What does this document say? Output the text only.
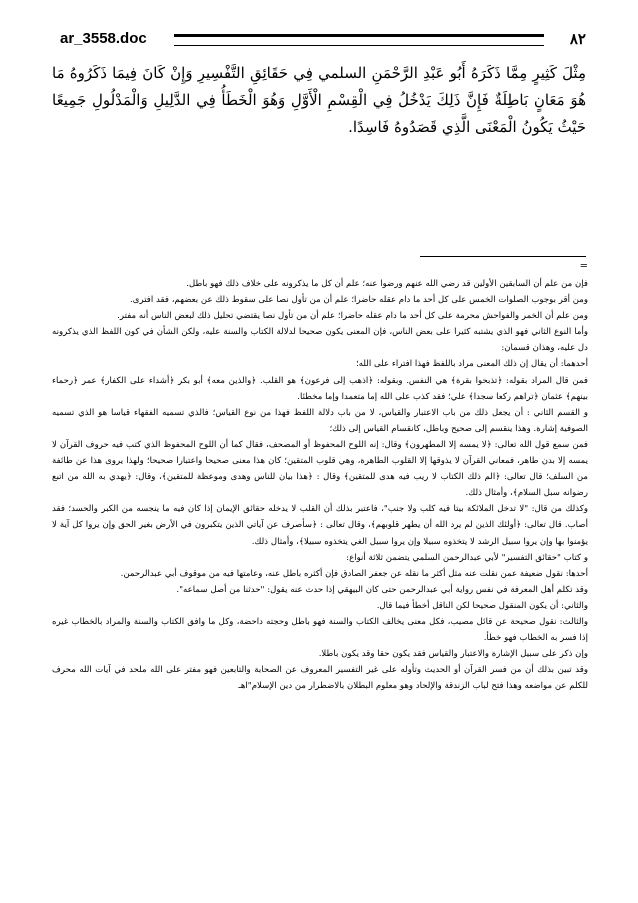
ar_3558.doc	٨٢

مِثْلَ كَثِيرٍ مِمَّا ذَكَرَهُ أَبُو عَبْدِ الرَّحْمَنِ السلمي فِي حَقَائِقِ التَّفْسِيرِ وَإِنْ كَانَ فِيمَا ذَكَرُوهُ مَا هُوَ مَعَانٍ بَاطِلَةٌ فَإِنَّ ذَلِكَ يَدْخُلُ فِي الْقِسْمِ الْأَوَّلِ وَهُوَ الْخَطَأُ فِي الدَّلِيلِ وَالْمَدْلُولِ جَمِيعًا حَيْثُ يَكُونُ الْمَعْنَى الَّذِي قَصَدُوهُ فَاسِدًا.

=

فإن من علم أن السابقين الأولين قد رضي الله عنهم ورضوا عنه؛ علم أن كل ما يذكرونه على خلاف ذلك فهو باطل.

ومن أقر بوجوب الصلوات الخمس على كل أحد ما دام عقله حاضرا؛ علم أن من تأول نصا على سقوط ذلك عن بعضهم، فقد افترى.

ومن علم أن الخمر والفواحش محرمة على كل أحد ما دام عقله حاضرا؛ علم أن من تأول نصا يقتضي تحليل ذلك لبعض الناس أنه مفتر.

وأما النوع الثاني فهو الذي يشتبه كثيرا على بعض الناس، فإن المعنى يكون صحيحا لدلالة الكتاب والسنة عليه، ولكن الشأن في كون اللفظ الذي يذكرونه دل عليه، وهذان قسمان:

أحدهما: أن يقال إن ذلك المعنى مراد باللفظ فهذا افتراء على الله؛

فمن قال المراد بقوله: ﴿تذبحوا بقرة﴾ هي النفس. وبقوله: ﴿اذهب إلى فرعون﴾ هو القلب. ﴿والذين معه﴾ أبو بكر ﴿أشداء على الكفار﴾ عمر ﴿رحماء بينهم﴾ عثمان ﴿تراهم ركعا سجدا﴾ علي؛ فقد كذب على الله إما متعمدا وإما مخطئا.

و القسم الثاني : أن يجعل ذلك من باب الاعتبار والقياس، لا من باب دلالة اللفظ فهذا من نوع القياس؛ فالذي تسميه الفقهاء قياسا هو الذي تسميه الصوفية إشارة. وهذا ينقسم إلى صحيح وباطل، كانقسام القياس إلى ذلك؛

فمن سمع قول الله تعالى: ﴿لا يمسه إلا المطهرون﴾ وقال: إنه اللوح المحفوظ أو المصحف، فقال كما أن اللوح المحفوظ الذي كتب فيه حروف القرآن لا يمسه إلا بدن طاهر، فمعاني القرآن لا يذوقها إلا القلوب الطاهرة، وهي قلوب المتقين؛ كان هذا معنى صحيحا واعتبارا صحيحا؛ ولهذا يروى هذا عن طائفة من السلف؛ قال تعالى: ﴿الم ذلك الكتاب لا ريب فيه هدى للمتقين﴾ وقال : ﴿هذا بيان للناس وهدى وموعظة للمتقين﴾، وقال: ﴿يهدي به الله من اتبع رضوانه سبل السلام﴾، وأمثال ذلك.

وكذلك من قال: "لا تدخل الملائكة بيتا فيه كلب ولا جنب"، فاعتبر بذلك أن القلب لا يدخله حقائق الإيمان إذا كان فيه ما ينجسه من الكبر والحسد؛ فقد أصاب. قال تعالى: ﴿أولئك الذين لم يرد الله أن يطهر قلوبهم﴾، وقال تعالى : ﴿سأصرف عن آياتي الذين يتكبرون في الأرض بغير الحق وإن يروا كل آية لا يؤمنوا بها وإن يروا سبيل الرشد لا يتخذوه سبيلا وإن يروا سبيل الغي يتخذوه سبيلا﴾، وأمثال ذلك.

و كتاب "حقائق التفسير" لأبي عبدالرحمن السلمي يتضمن ثلاثة أنواع:

أحدها: نقول ضعيفة عمن نقلت عنه مثل أكثر ما نقله عن جعفر الصادق فإن أكثره باطل عنه، وعامتها فيه من موقوف أبي عبدالرحمن.

وقد تكلم أهل المعرفة في نفس رواية أبي عبدالرحمن حتى كان البيهقي إذا حدث عنه يقول: "حدثنا من أصل سماعه".

والثاني: أن يكون المنقول صحيحا لكن الناقل أخطأ فيما قال.

والثالث: نقول صحيحة عن قائل مصيب، فكل معنى يخالف الكتاب والسنة فهو باطل وحجته داحضة، وكل ما وافق الكتاب والسنة والمراد بالخطاب غيره إذا فسر به الخطاب فهو خطأ.

وإن ذكر على سبيل الإشارة والاعتبار والقياس فقد يكون حقا وقد يكون باطلا.

وقد تبين بذلك أن من فسر القرآن أو الحديث وتأوله على غير التفسير المعروف عن الصحابة والتابعين فهو مفتر على الله ملحد في آيات الله محرف للكلم عن مواضعه وهذا فتح لباب الزندقة والإلحاد وهو معلوم البطلان بالاضطرار من دين الإسلام"اهـ
